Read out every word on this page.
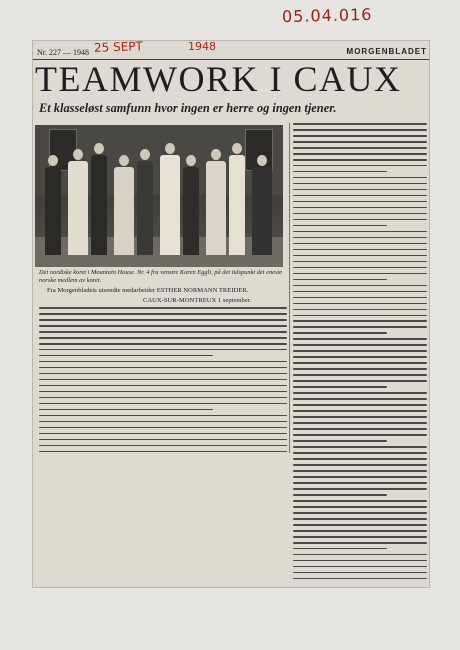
05.04.016
Nr. 227 — 1948	MORGENBLADET
TEAMWORK I CAUX
Et klasseløst samfunn hvor ingen er herre og ingen tjener.
Det nordiske koret i Mountain House. Nr. 4 fra venstre Karen Eggli, på det tidspunkt det eneste norske medlem av koret.
Fra Morgenbladets utsendte medarbeider ESTHER NORMANN TREIDER.
CAUX-SUR-MONTREUX 1 september.
25 SEPT	1948
